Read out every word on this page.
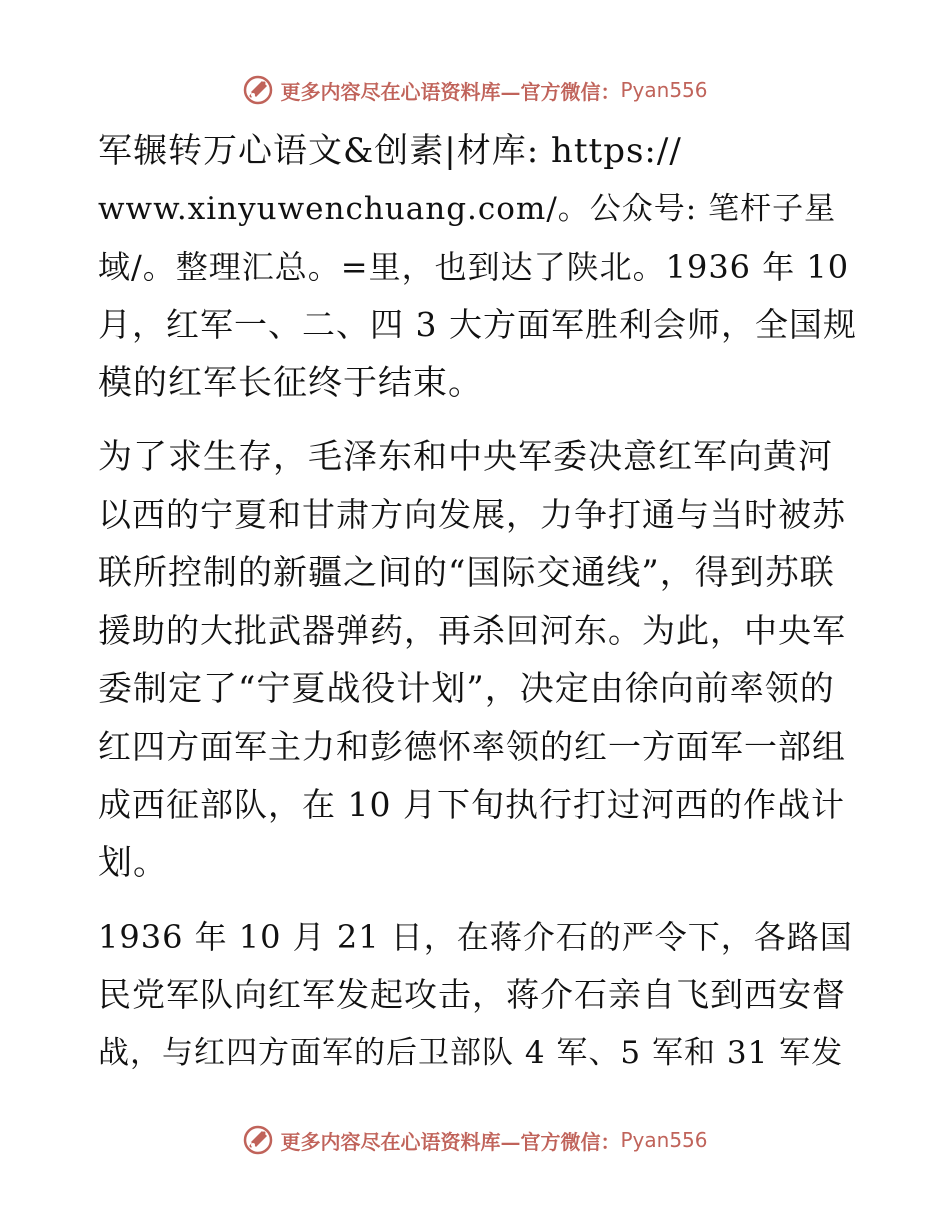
更多内容尽在心语资料库—官方微信： Pyan556
军辗转万心语文&创素|材库: https://
www.xinyuwenchuang.com/。公众号: 笔杆子星
域/。整理汇总。=里，也到达了陕北。1936 年 10
月，红军一、二、四 3 大方面军胜利会师，全国规
模的红军长征终于结束。
为了求生存，毛泽东和中央军委决意红军向黄河
以西的宁夏和甘肃方向发展，力争打通与当时被苏
联所控制的新疆之间的“国际交通线”，得到苏联
援助的大批武器弹药，再杀回河东。为此，中央军
委制定了“宁夏战役计划”，决定由徐向前率领的
红四方面军主力和彭德怀率领的红一方面军一部组
成西征部队，在 10 月下旬执行打过河西的作战计
划。
1936 年 10 月 21 日，在蒋介石的严令下，各路国
民党军队向红军发起攻击，蒋介石亲自飞到西安督
战，与红四方面军的后卫部队 4 军、5 军和 31 军发
更多内容尽在心语资料库—官方微信： Pyan556
